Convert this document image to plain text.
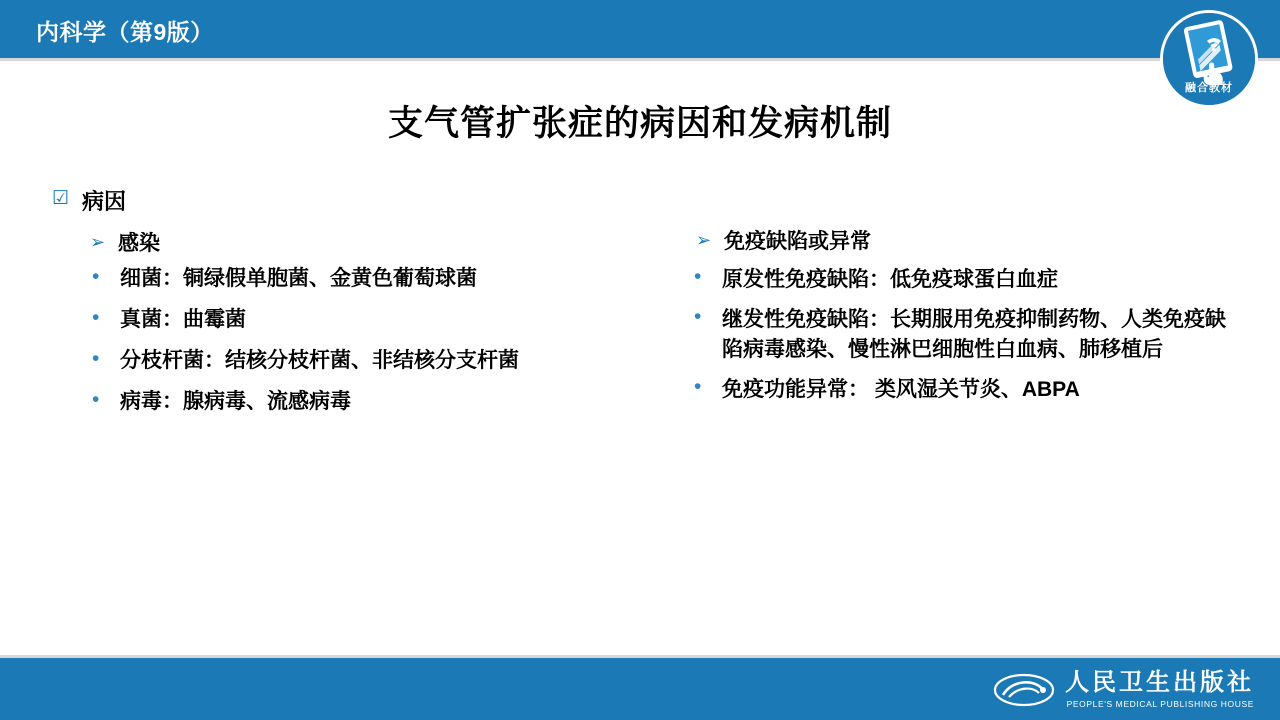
内科学（第9版）
融合教材
支气管扩张症的病因和发病机制
☑ 病因
➢ 感染
• 细菌：铜绿假单胞菌、金黄色葡萄球菌
• 真菌：曲霉菌
• 分枝杆菌：结核分枝杆菌、非结核分支杆菌
• 病毒：腺病毒、流感病毒
➢ 免疫缺陷或异常
• 原发性免疫缺陷：低免疫球蛋白血症
• 继发性免疫缺陷：长期服用免疫抑制药物、人类免疫缺陷病毒感染、慢性淋巴细胞性白血病、肺移植后
• 免疫功能异常： 类风湿关节炎、ABPA
人民卫生出版社
PEOPLE'S MEDICAL PUBLISHING HOUSE
